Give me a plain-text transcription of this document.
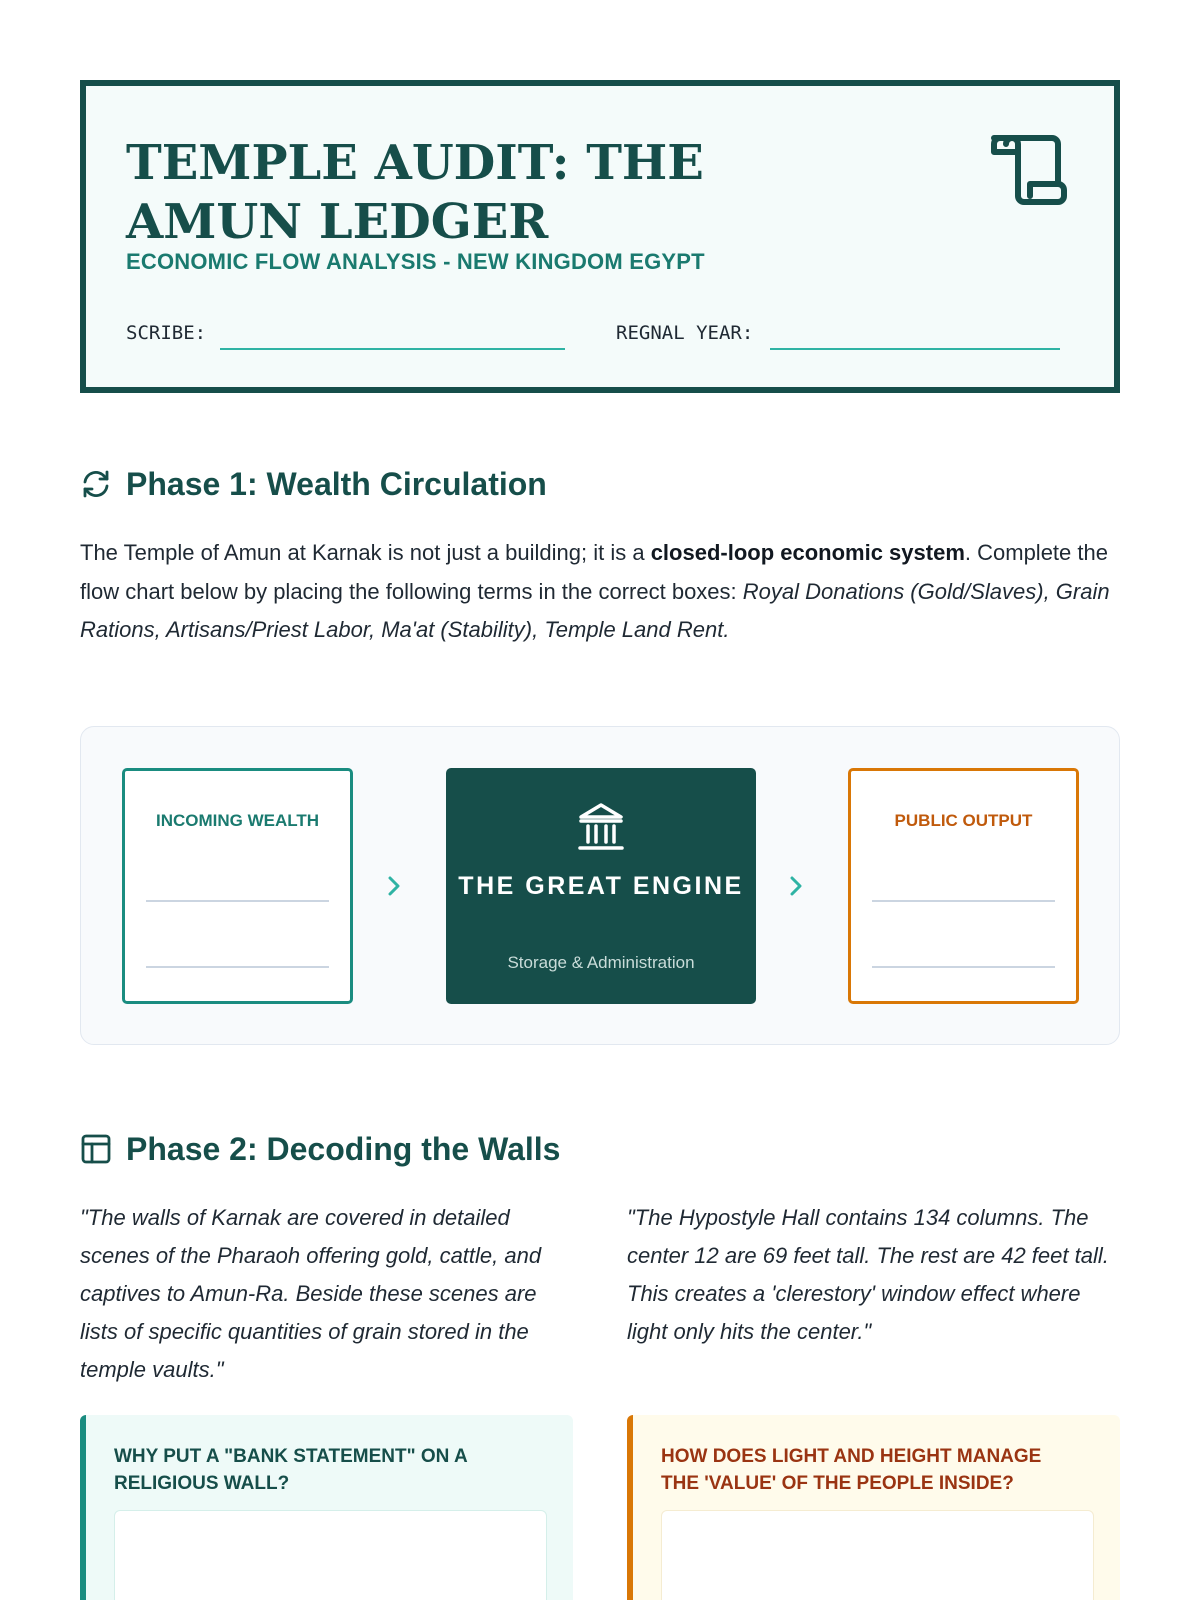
TEMPLE AUDIT: THE AMUN LEDGER
ECONOMIC FLOW ANALYSIS - NEW KINGDOM EGYPT
SCRIBE:	REGNAL YEAR:
Phase 1: Wealth Circulation

The Temple of Amun at Karnak is not just a building; it is a closed-loop economic system. Complete the flow chart below by placing the following terms in the correct boxes: Royal Donations (Gold/Slaves), Grain Rations, Artisans/Priest Labor, Ma'at (Stability), Temple Land Rent.

INCOMING WEALTH
THE GREAT ENGINE
Storage & Administration
PUBLIC OUTPUT
Phase 2: Decoding the Walls

"The walls of Karnak are covered in detailed scenes of the Pharaoh offering gold, cattle, and captives to Amun-Ra. Beside these scenes are lists of specific quantities of grain stored in the temple vaults."

"The Hypostyle Hall contains 134 columns. The center 12 are 69 feet tall. The rest are 42 feet tall. This creates a 'clerestory' window effect where light only hits the center."

WHY PUT A "BANK STATEMENT" ON A RELIGIOUS WALL?
HOW DOES LIGHT AND HEIGHT MANAGE THE 'VALUE' OF THE PEOPLE INSIDE?
